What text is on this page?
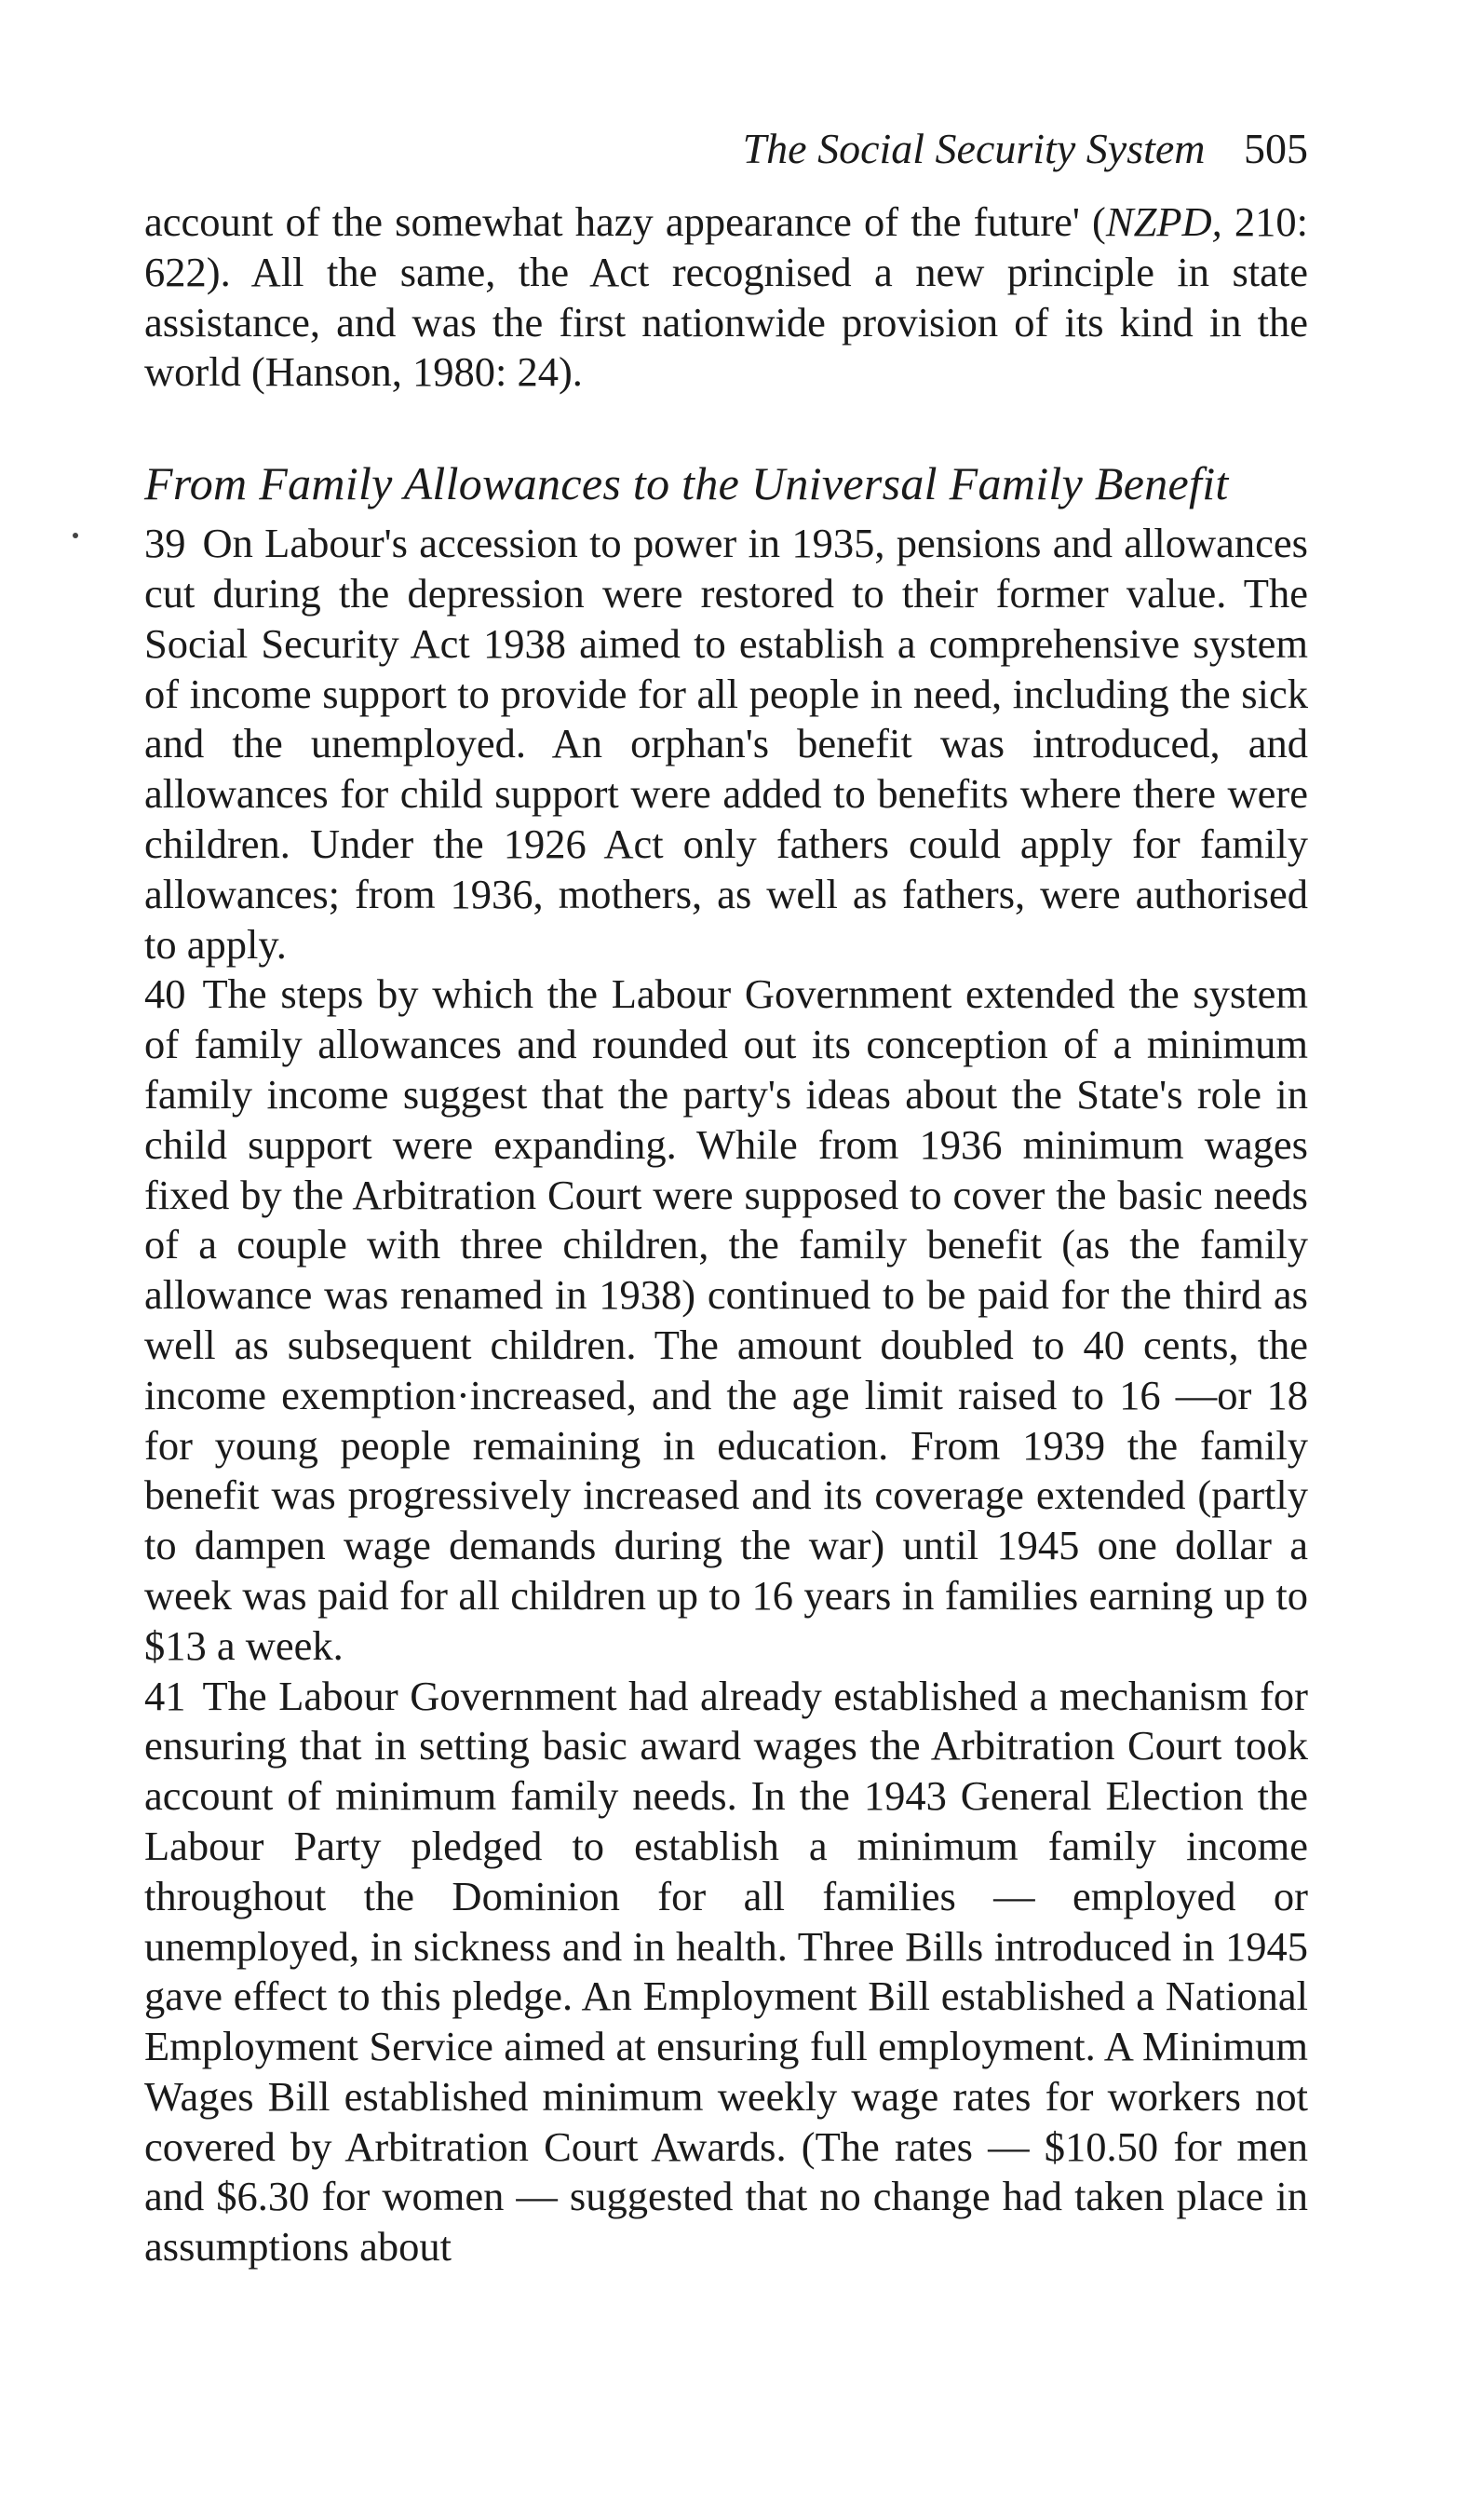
The Social Security System 505

account of the somewhat hazy appearance of the future' (NZPD, 210: 622). All the same, the Act recognised a new principle in state assistance, and was the first nationwide provision of its kind in the world (Hanson, 1980: 24).

From Family Allowances to the Universal Family Benefit

39 On Labour's accession to power in 1935, pensions and allowances cut during the depression were restored to their former value. The Social Security Act 1938 aimed to establish a comprehensive system of income support to provide for all people in need, including the sick and the unemployed. An orphan's benefit was introduced, and allowances for child support were added to benefits where there were children. Under the 1926 Act only fathers could apply for family allowances; from 1936, mothers, as well as fathers, were authorised to apply.

40 The steps by which the Labour Government extended the system of family allowances and rounded out its conception of a minimum family income suggest that the party's ideas about the State's role in child support were expanding. While from 1936 minimum wages fixed by the Arbitration Court were supposed to cover the basic needs of a couple with three children, the family benefit (as the family allowance was renamed in 1938) continued to be paid for the third as well as subsequent children. The amount doubled to 40 cents, the income exemption·increased, and the age limit raised to 16 —or 18 for young people remaining in education. From 1939 the family benefit was progressively increased and its coverage extended (partly to dampen wage demands during the war) until 1945 one dollar a week was paid for all children up to 16 years in families earning up to $13 a week.

41 The Labour Government had already established a mechanism for ensuring that in setting basic award wages the Arbitration Court took account of minimum family needs. In the 1943 General Election the Labour Party pledged to establish a minimum family income throughout the Dominion for all families — employed or unemployed, in sickness and in health. Three Bills introduced in 1945 gave effect to this pledge. An Employment Bill established a National Employment Service aimed at ensuring full employment. A Minimum Wages Bill established minimum weekly wage rates for workers not covered by Arbitration Court Awards. (The rates — $10.50 for men and $6.30 for women — suggested that no change had taken place in assumptions about
